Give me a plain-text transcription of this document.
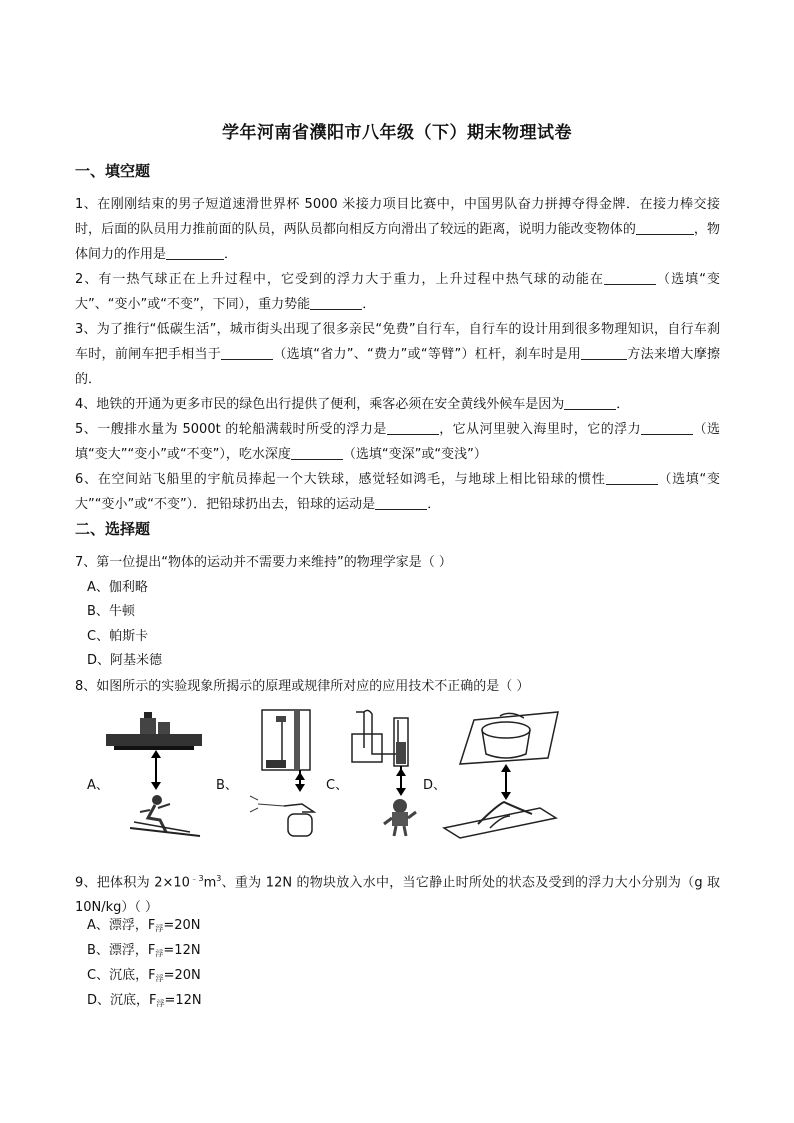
学年河南省濮阳市八年级（下）期末物理试卷
一、填空题
1、在刚刚结束的男子短道速滑世界杯 5000 米接力项目比赛中，中国男队奋力拼搏夺得金牌．在接力棒交接时，后面的队员用力推前面的队员，两队员都向相反方向滑出了较远的距离，说明力能改变物体的	，物体间力的作用是	．
2、有一热气球正在上升过程中，它受到的浮力大于重力，上升过程中热气球的动能在	（选填“变大”、“变小”或“不变”，下同），重力势能	．
3、为了推行“低碳生活”，城市街头出现了很多亲民“免费”自行车，自行车的设计用到很多物理知识，自行车刹车时，前闸车把手相当于	（选填“省力”、“费力”或“等臂”）杠杆，刹车时是用	方法来增大摩擦的．
4、地铁的开通为更多市民的绿色出行提供了便利，乘客必须在安全黄线外候车是因为	．
5、一艘排水量为 5000t 的轮船满载时所受的浮力是	，它从河里驶入海里时，它的浮力	（选填“变大”“变小”或“不变”），吃水深度	（选填“变深”或“变浅”）
6、在空间站飞船里的宇航员捧起一个大铁球，感觉轻如鸿毛，与地球上相比铅球的惯性	（选填“变大”“变小”或“不变”）．把铅球扔出去，铅球的运动是	．
二、选择题
7、第一位提出“物体的运动并不需要力来维持”的物理学家是（ ）
A、伽利略
B、牛顿
C、帕斯卡
D、阿基米德
8、如图所示的实验现象所揭示的原理或规律所对应的应用技术不正确的是（ ）
A、	B、	C、	D、
9、把体积为 $2\times 10^{﹣3}m^3$、重为 12N 的物块放入水中，当它静止时所处的状态及受到的浮力大小分别为（g 取 10N/kg）（ ）
A、漂浮，$F_浮=20N$
B、漂浮，$F_浮=12N$
C、沉底，$F_浮=20N$
D、沉底，$F_浮=12N$
